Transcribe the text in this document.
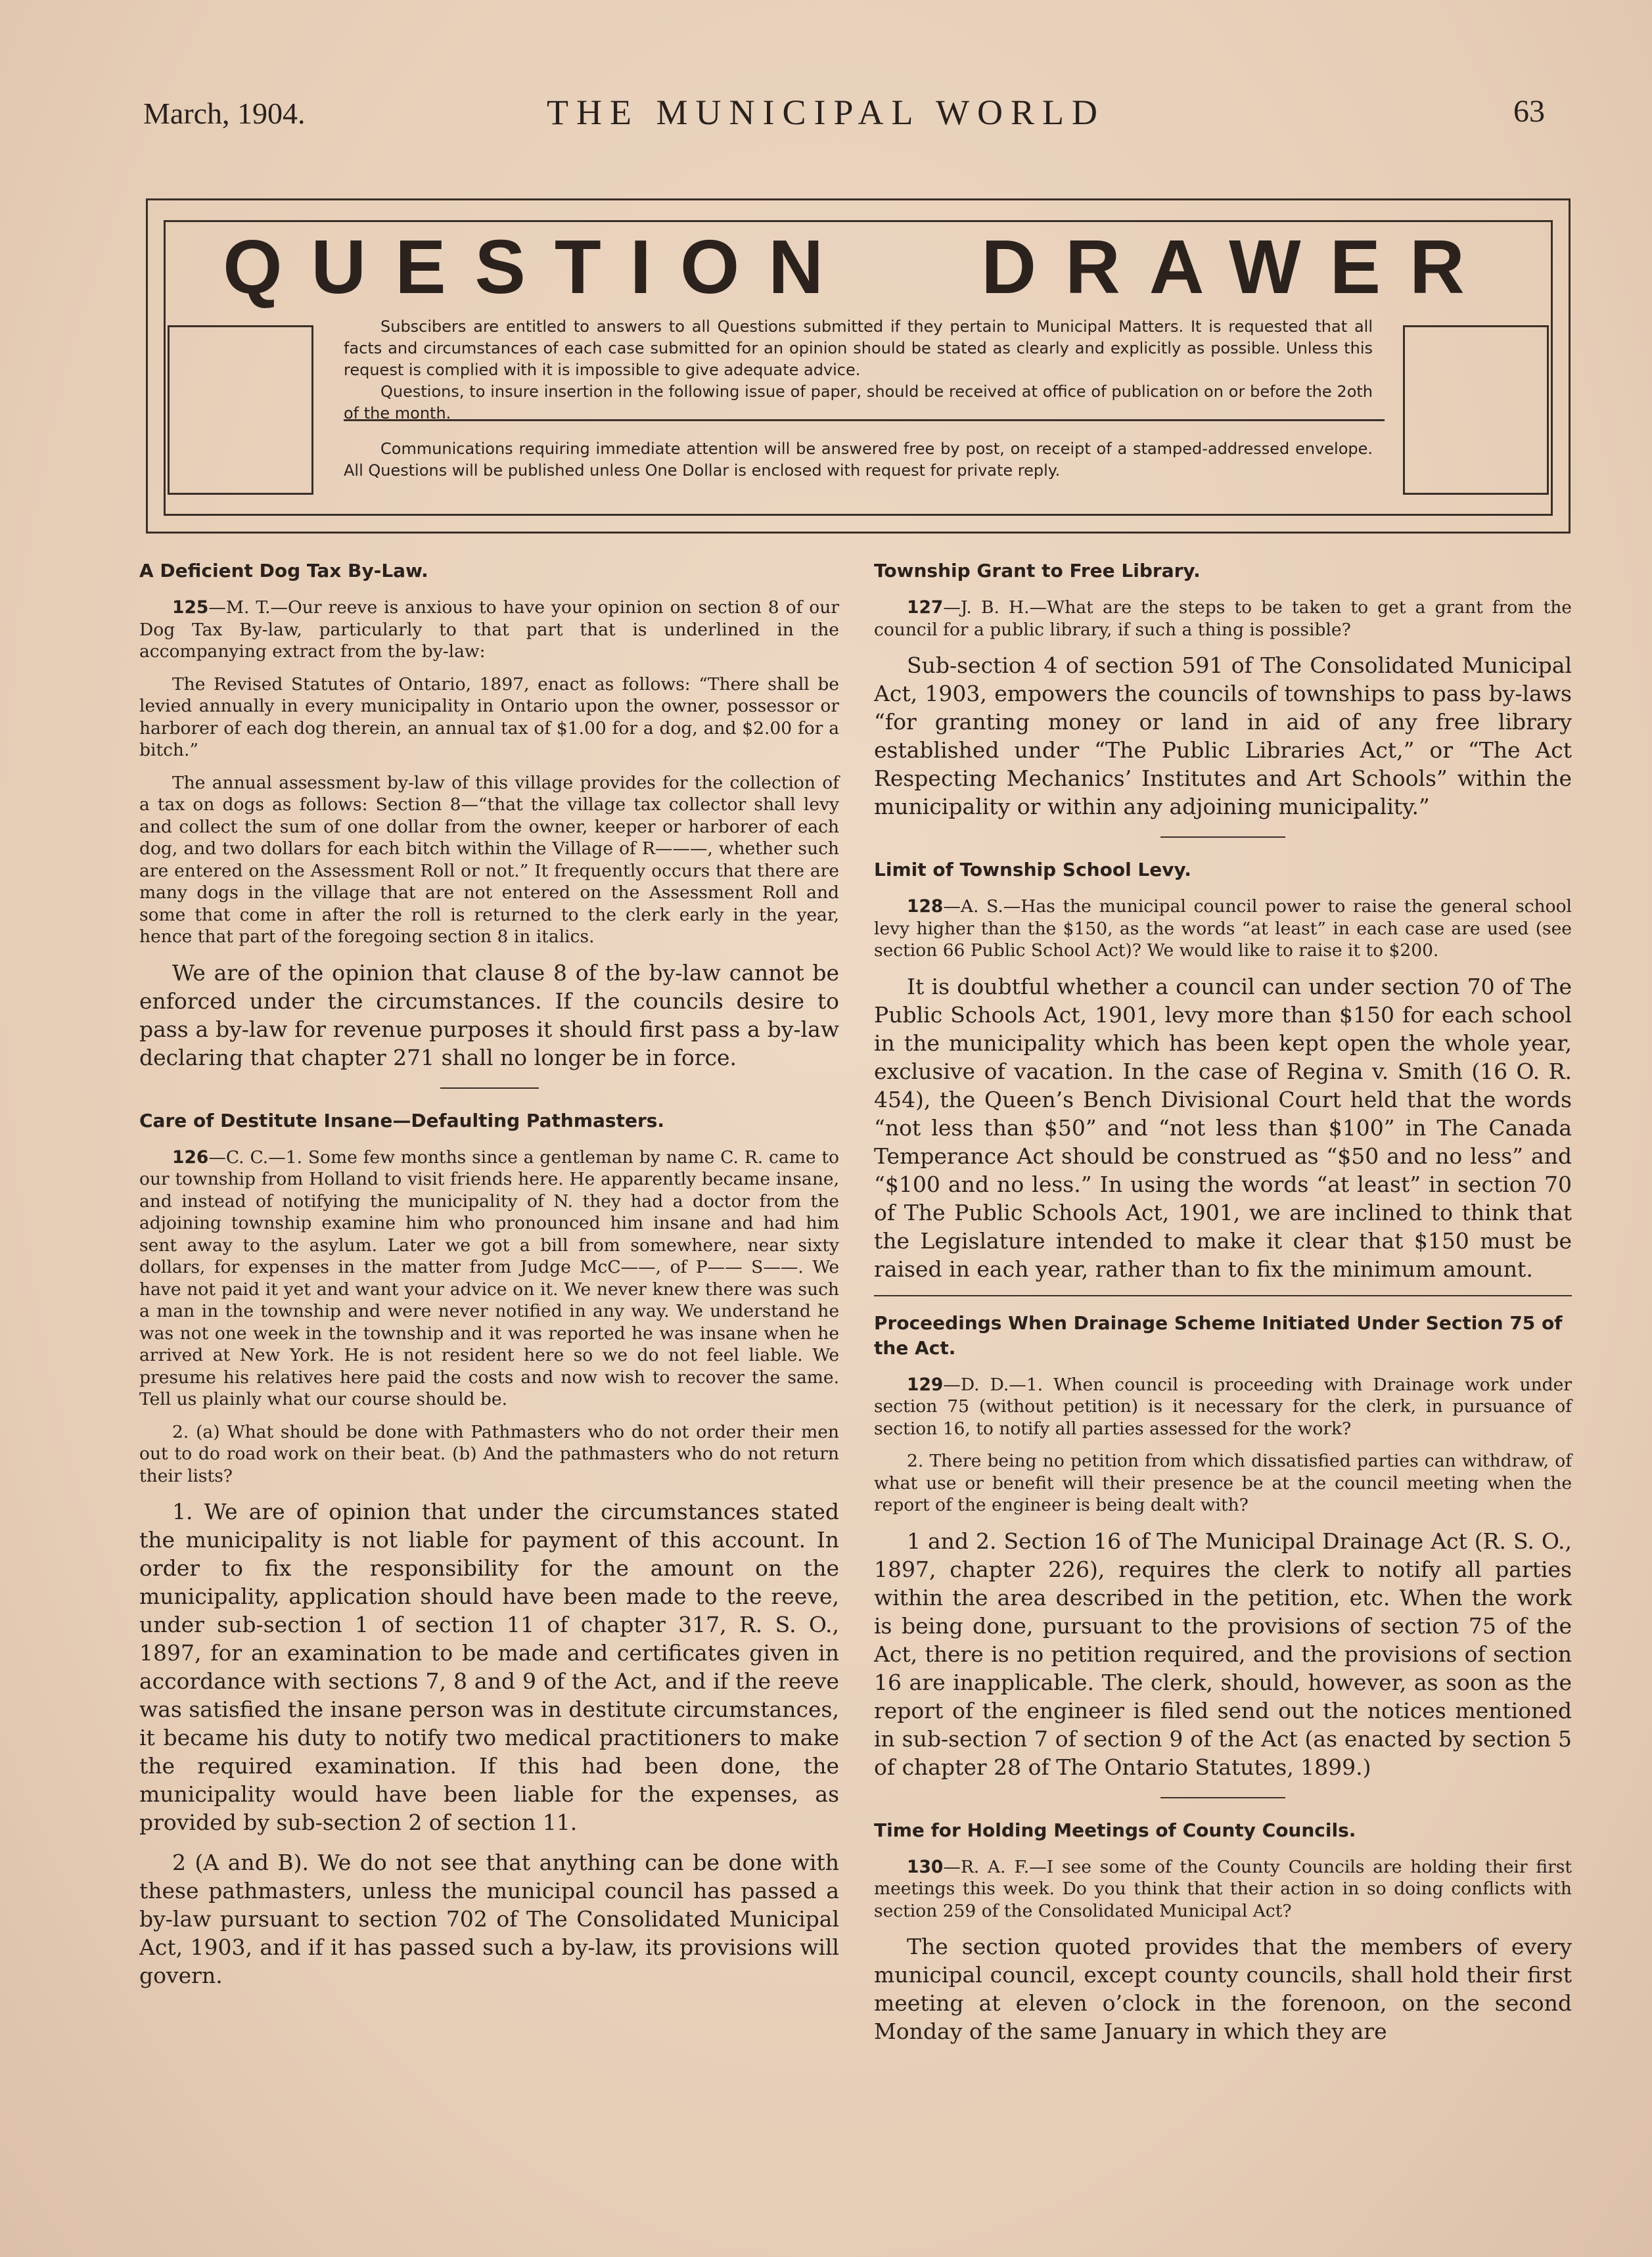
March, 1904.	THE MUNICIPAL WORLD	63
QUESTION DRAWER

Subscibers are entitled to answers to all Questions submitted if they pertain to Municipal Matters. It is requested that all facts and circumstances of each case submitted for an opinion should be stated as clearly and explicitly as possible. Unless this request is complied with it is impossible to give adequate advice.

Questions, to insure insertion in the following issue of paper, should be received at office of publication on or before the 2oth of the month.

Communications requiring immediate attention will be answered free by post, on receipt of a stamped-addressed envelope. All Questions will be published unless One Dollar is enclosed with request for private reply.

A Deficient Dog Tax By-Law.

125—M. T.—Our reeve is anxious to have your opinion on section 8 of our Dog Tax By-law, particularly to that part that is underlined in the accompanying extract from the by-law:

The Revised Statutes of Ontario, 1897, enact as follows: “There shall be levied annually in every municipality in Ontario upon the owner, possessor or harborer of each dog therein, an annual tax of $1.00 for a dog, and $2.00 for a bitch.”

The annual assessment by-law of this village provides for the collection of a tax on dogs as follows: Section 8—“that the village tax collector shall levy and collect the sum of one dollar from the owner, keeper or harborer of each dog, and two dollars for each bitch within the Village of R———, whether such are entered on the Assessment Roll or not.” It frequently occurs that there are many dogs in the village that are not entered on the Assessment Roll and some that come in after the roll is returned to the clerk early in the year, hence that part of the foregoing section 8 in italics.

We are of the opinion that clause 8 of the by-law cannot be enforced under the circumstances. If the councils desire to pass a by-law for revenue purposes it should first pass a by-law declaring that chapter 271 shall no longer be in force.

Care of Destitute Insane—Defaulting Pathmasters.

126—C. C.—1. Some few months since a gentleman by name C. R. came to our township from Holland to visit friends here. He apparently became insane, and instead of notifying the municipality of N. they had a doctor from the adjoining township examine him who pronounced him insane and had him sent away to the asylum. Later we got a bill from somewhere, near sixty dollars, for expenses in the matter from Judge McC——, of P—— S——. We have not paid it yet and want your advice on it. We never knew there was such a man in the township and were never notified in any way. We understand he was not one week in the township and it was reported he was insane when he arrived at New York. He is not resident here so we do not feel liable. We presume his relatives here paid the costs and now wish to recover the same. Tell us plainly what our course should be.

2. (a) What should be done with Pathmasters who do not order their men out to do road work on their beat. (b) And the pathmasters who do not return their lists?

1. We are of opinion that under the circumstances stated the municipality is not liable for payment of this account. In order to fix the responsibility for the amount on the municipality, application should have been made to the reeve, under sub-section 1 of section 11 of chapter 317, R. S. O., 1897, for an examination to be made and certificates given in accordance with sections 7, 8 and 9 of the Act, and if the reeve was satisfied the insane person was in destitute circumstances, it became his duty to notify two medical practitioners to make the required examination. If this had been done, the municipality would have been liable for the expenses, as provided by sub-section 2 of section 11.

2 (A and B). We do not see that anything can be done with these pathmasters, unless the municipal council has passed a by-law pursuant to section 702 of The Consolidated Municipal Act, 1903, and if it has passed such a by-law, its provisions will govern.

Township Grant to Free Library.

127—J. B. H.—What are the steps to be taken to get a grant from the council for a public library, if such a thing is possible?

Sub-section 4 of section 591 of The Consolidated Municipal Act, 1903, empowers the councils of townships to pass by-laws “for granting money or land in aid of any free library established under “The Public Libraries Act,” or “The Act Respecting Mechanics’ Institutes and Art Schools” within the municipality or within any adjoining municipality.”

Limit of Township School Levy.

128—A. S.—Has the municipal council power to raise the general school levy higher than the $150, as the words “at least” in each case are used (see section 66 Public School Act)? We would like to raise it to $200.

It is doubtful whether a council can under section 70 of The Public Schools Act, 1901, levy more than $150 for each school in the municipality which has been kept open the whole year, exclusive of vacation. In the case of Regina v. Smith (16 O. R. 454), the Queen’s Bench Divisional Court held that the words “not less than $50” and “not less than $100” in The Canada Temperance Act should be construed as “$50 and no less” and “$100 and no less.” In using the words “at least” in section 70 of The Public Schools Act, 1901, we are inclined to think that the Legislature intended to make it clear that $150 must be raised in each year, rather than to fix the minimum amount.

Proceedings When Drainage Scheme Initiated Under Section 75 of the Act.

129—D. D.—1. When council is proceeding with Drainage work under section 75 (without petition) is it necessary for the clerk, in pursuance of section 16, to notify all parties assessed for the work?

2. There being no petition from which dissatisfied parties can withdraw, of what use or benefit will their presence be at the council meeting when the report of the engineer is being dealt with?

1 and 2. Section 16 of The Municipal Drainage Act (R. S. O., 1897, chapter 226), requires the clerk to notify all parties within the area described in the petition, etc. When the work is being done, pursuant to the provisions of section 75 of the Act, there is no petition required, and the provisions of section 16 are inapplicable. The clerk, should, however, as soon as the report of the engineer is filed send out the notices mentioned in sub-section 7 of section 9 of the Act (as enacted by section 5 of chapter 28 of The Ontario Statutes, 1899.)

Time for Holding Meetings of County Councils.

130—R. A. F.—I see some of the County Councils are holding their first meetings this week. Do you think that their action in so doing conflicts with section 259 of the Consolidated Municipal Act?

The section quoted provides that the members of every municipal council, except county councils, shall hold their first meeting at eleven o’clock in the forenoon, on the second Monday of the same January in which they are
